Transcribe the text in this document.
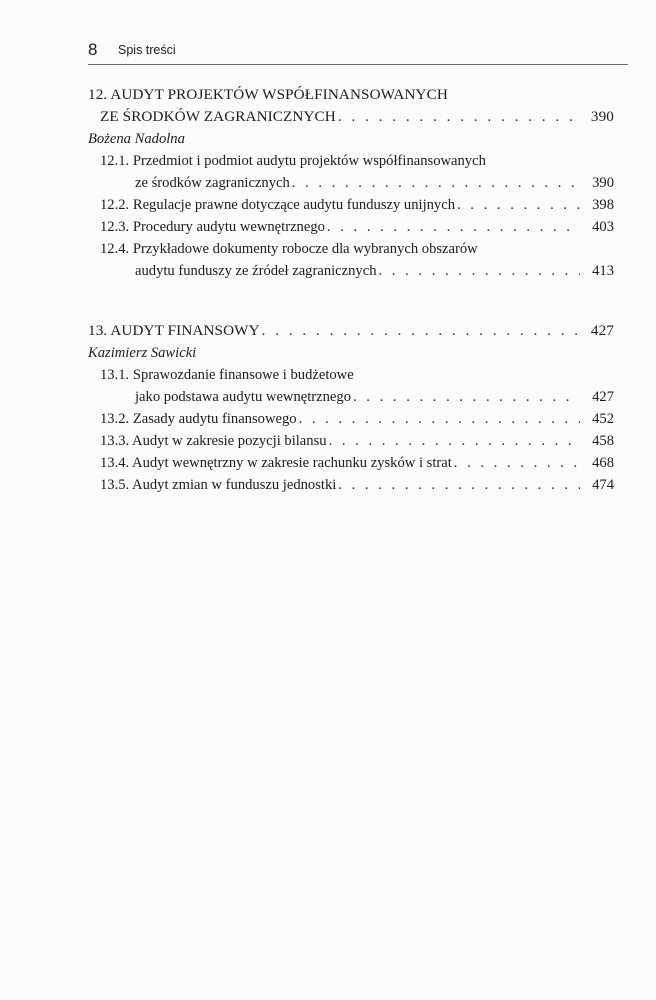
8 Spis treści
12. AUDYT PROJEKTÓW WSPÓŁFINANSOWANYCH
ZE ŚRODKÓW ZAGRANICZNYCH . . .	390
Bożena Nadolna
12.1. Przedmiot i podmiot audytu projektów współfinansowanych
ze środków zagranicznych . . .	390
12.2. Regulacje prawne dotyczące audytu funduszy unijnych . . .	398
12.3. Procedury audytu wewnętrznego . . .	403
12.4. Przykładowe dokumenty robocze dla wybranych obszarów
audytu funduszy ze źródeł zagranicznych . . .	413
13. AUDYT FINANSOWY . . .	427
Kazimierz Sawicki
13.1. Sprawozdanie finansowe i budżetowe
jako podstawa audytu wewnętrznego . . .	427
13.2. Zasady audytu finansowego . . .	452
13.3. Audyt w zakresie pozycji bilansu . . .	458
13.4. Audyt wewnętrzny w zakresie rachunku zysków i strat . . .	468
13.5. Audyt zmian w funduszu jednostki . . .	474
